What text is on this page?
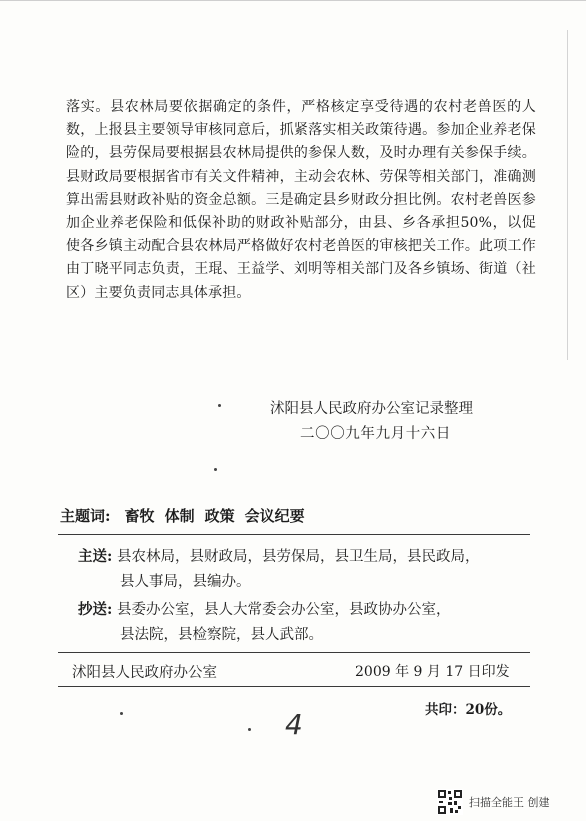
落实。县农林局要依据确定的条件，严格核定享受待遇的农村老兽医的人数，上报县主要领导审核同意后，抓紧落实相关政策待遇。参加企业养老保险的，县劳保局要根据县农林局提供的参保人数，及时办理有关参保手续。县财政局要根据省市有关文件精神，主动会农林、劳保等相关部门，准确测算出需县财政补贴的资金总额。三是确定县乡财政分担比例。农村老兽医参加企业养老保险和低保补助的财政补贴部分，由县、乡各承担50%，以促使各乡镇主动配合县农林局严格做好农村老兽医的审核把关工作。此项工作由丁晓平同志负责，王琨、王益学、刘明等相关部门及各乡镇场、街道（社区）主要负责同志具体承担。

沭阳县人民政府办公室记录整理
二〇〇九年九月十六日
主题词: 畜牧 体制 政策 会议纪要
主送: 县农林局，县财政局，县劳保局，县卫生局，县民政局，
县人事局，县编办。
抄送: 县委办公室，县人大常委会办公室，县政协办公室，
县法院，县检察院，县人武部。
沭阳县人民政府办公室	2009 年 9 月 17 日印发
共印：20份。
4
扫描全能王 创建
